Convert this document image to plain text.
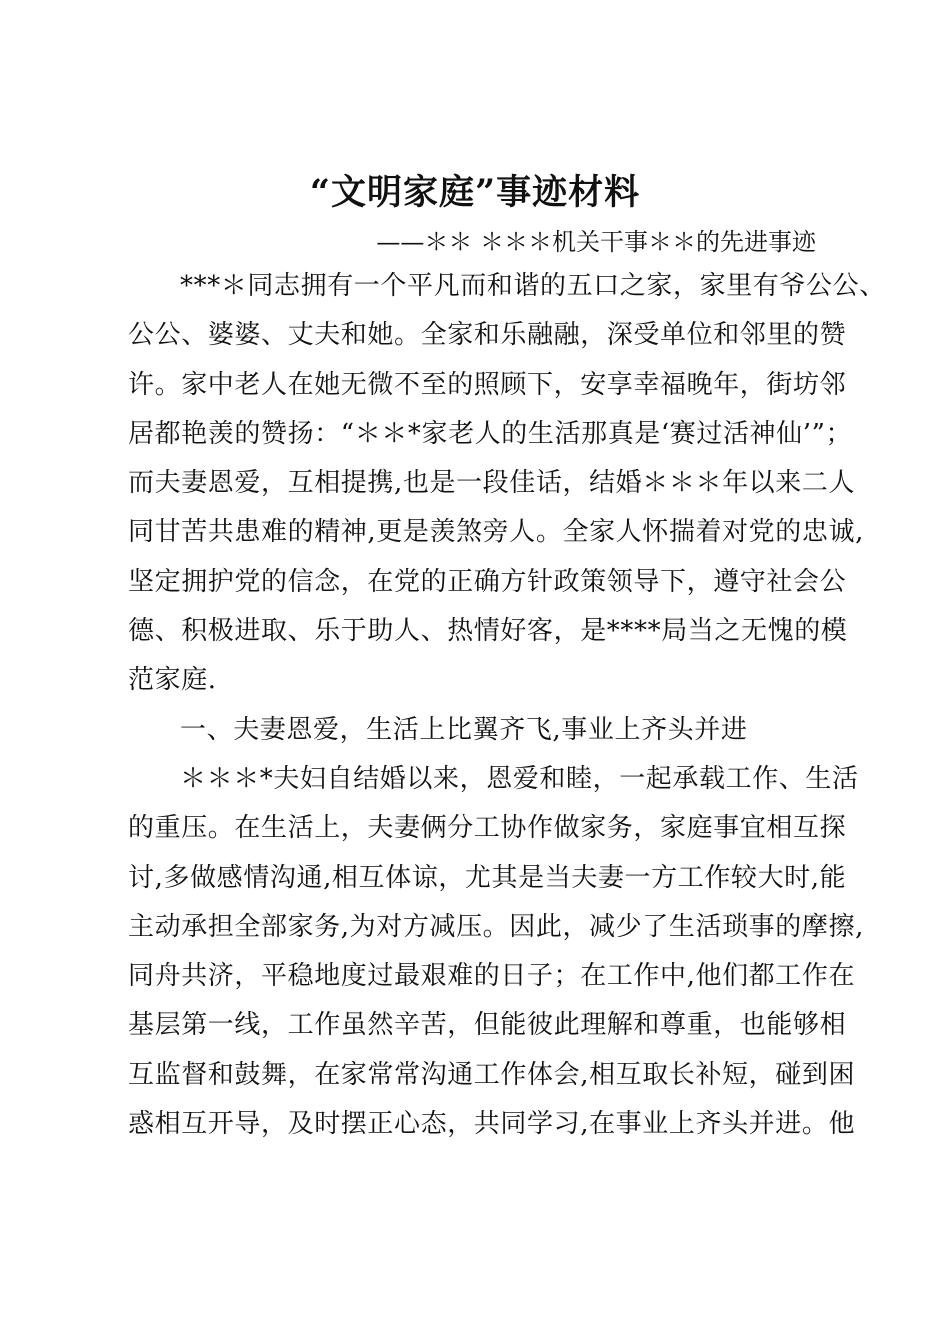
“文明家庭”事迹材料
——＊＊ ＊＊＊机关干事＊＊的先进事迹
***＊同志拥有一个平凡而和谐的五口之家，家里有爷公公、
公公、婆婆、丈夫和她。全家和乐融融，深受单位和邻里的赞
许。家中老人在她无微不至的照顾下，安享幸福晚年，街坊邻
居都艳羡的赞扬：“＊＊*家老人的生活那真是‘赛过活神仙’”；
而夫妻恩爱，互相提携,也是一段佳话，结婚＊＊＊年以来二人
同甘苦共患难的精神,更是羡煞旁人。全家人怀揣着对党的忠诚,
坚定拥护党的信念，在党的正确方针政策领导下，遵守社会公
德、积极进取、乐于助人、热情好客，是****局当之无愧的模
范家庭.
一、夫妻恩爱，生活上比翼齐飞,事业上齐头并进
＊＊＊*夫妇自结婚以来，恩爱和睦，一起承载工作、生活
的重压。在生活上，夫妻俩分工协作做家务，家庭事宜相互探
讨,多做感情沟通,相互体谅，尤其是当夫妻一方工作较大时,能
主动承担全部家务,为对方减压。因此，减少了生活琐事的摩擦,
同舟共济，平稳地度过最艰难的日子；在工作中,他们都工作在
基层第一线，工作虽然辛苦，但能彼此理解和尊重，也能够相
互监督和鼓舞，在家常常沟通工作体会,相互取长补短，碰到困
惑相互开导，及时摆正心态，共同学习,在事业上齐头并进。他
